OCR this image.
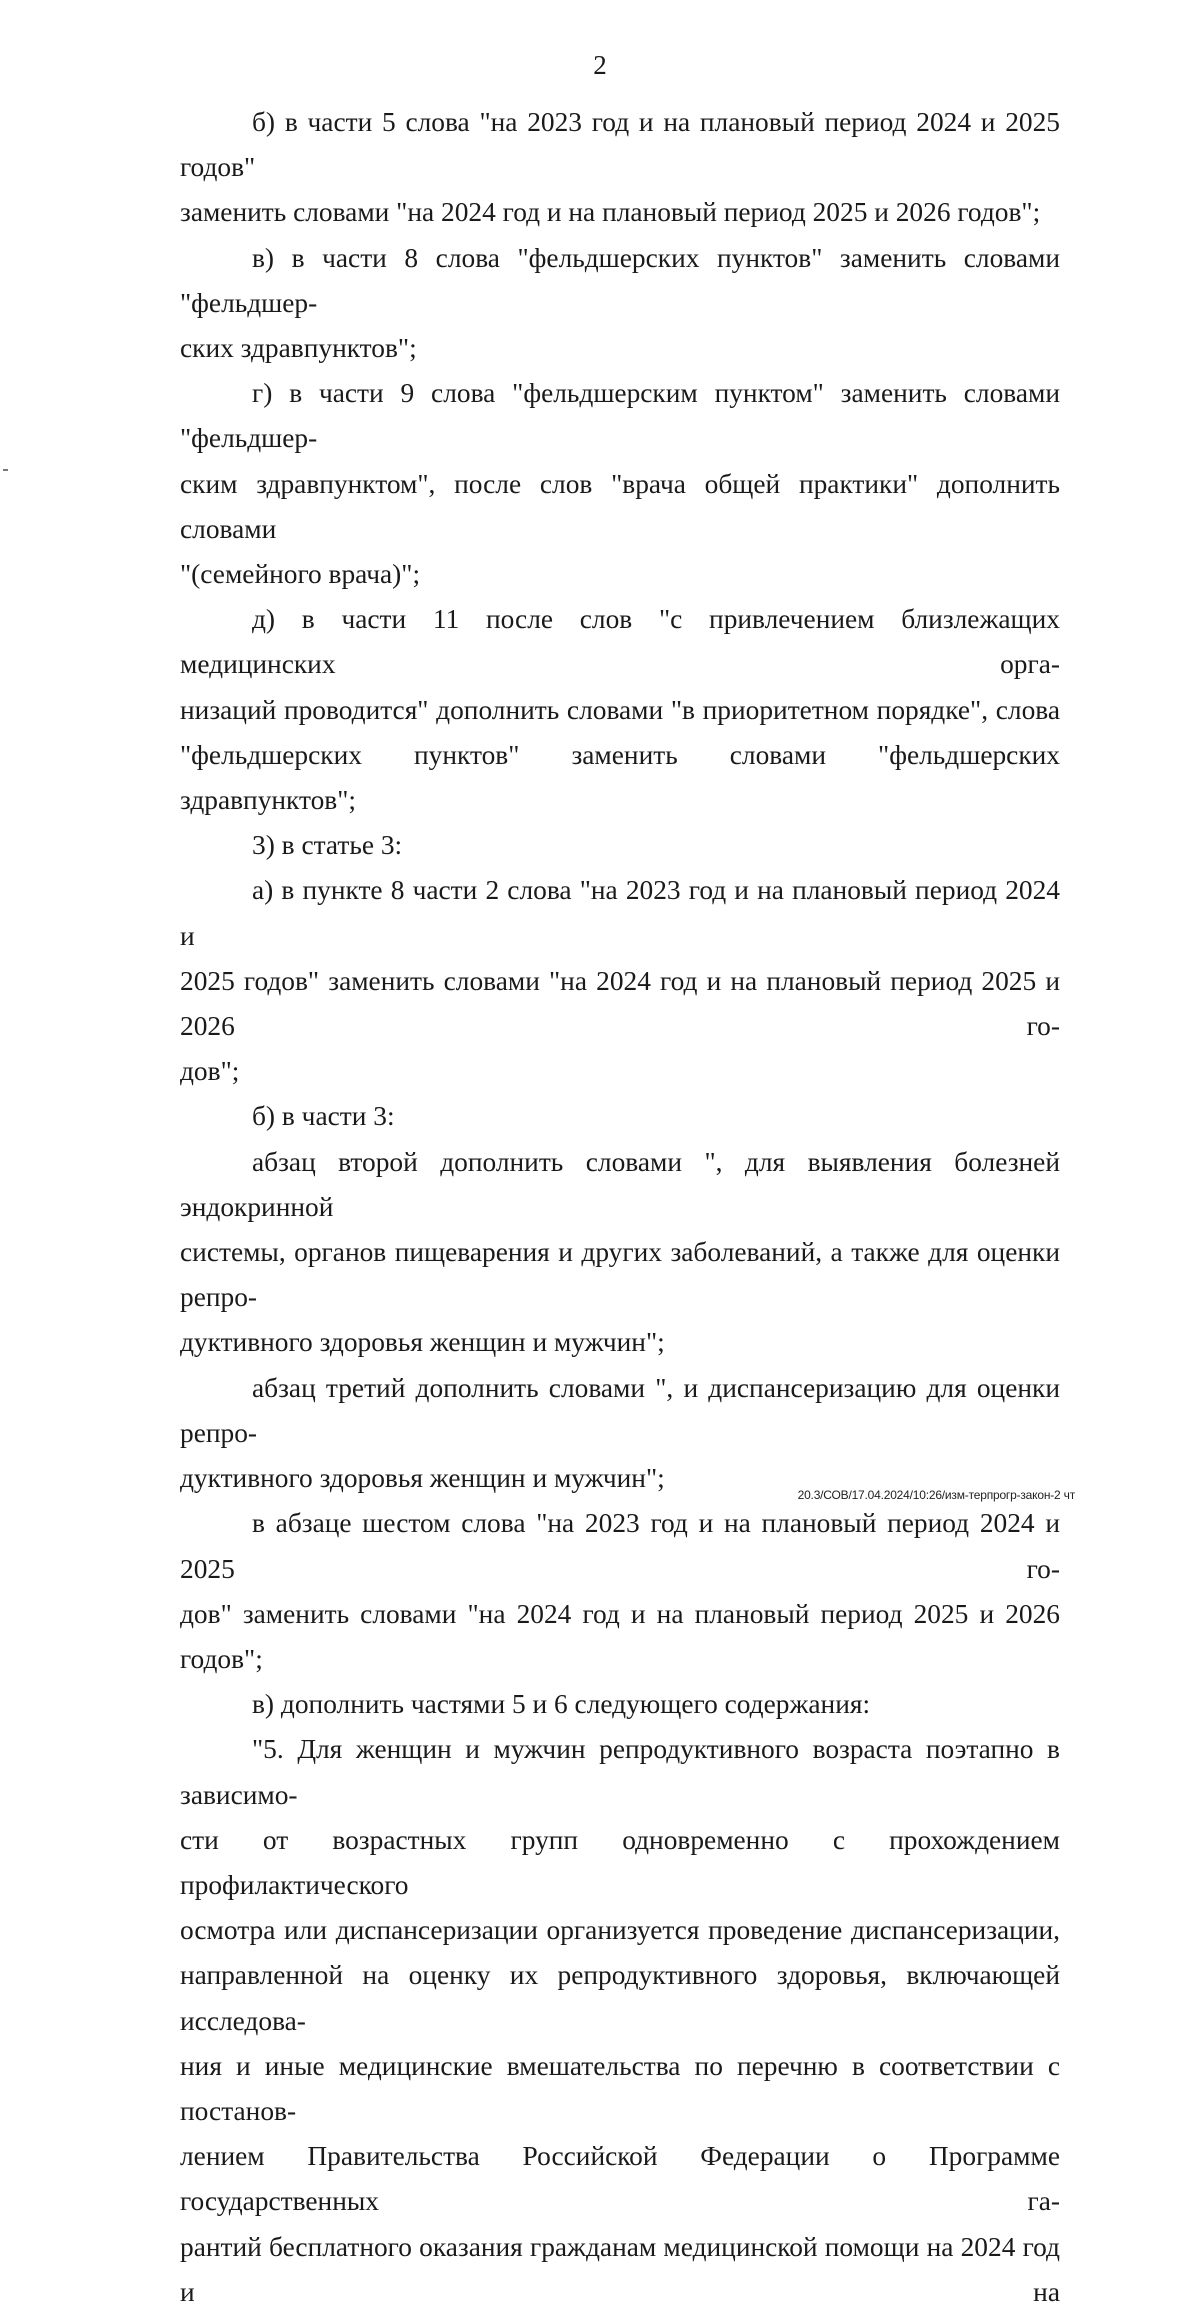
2

б) в части 5 слова "на 2023 год и на плановый период 2024 и 2025 годов"

заменить словами "на 2024 год и на плановый период 2025 и 2026 годов";

в) в части 8 слова "фельдшерских пунктов" заменить словами "фельдшер-

ских здравпунктов";

г) в части 9 слова "фельдшерским пунктом" заменить словами "фельдшер-

ским здравпунктом", после слов "врача общей практики" дополнить словами

"(семейного врача)";

д) в части 11 после слов "с привлечением близлежащих медицинских орга-

низаций проводится" дополнить словами "в приоритетном порядке", слова

"фельдшерских пунктов" заменить словами "фельдшерских здравпунктов";

3) в статье 3:

а) в пункте 8 части 2 слова "на 2023 год и на плановый период 2024 и

2025 годов" заменить словами "на 2024 год и на плановый период 2025 и 2026 го-

дов";

б) в части 3:

абзац второй дополнить словами ", для выявления болезней эндокринной

системы, органов пищеварения и других заболеваний, а также для оценки репро-

дуктивного здоровья женщин и мужчин";

абзац третий дополнить словами ", и диспансеризацию для оценки репро-

дуктивного здоровья женщин и мужчин";

в абзаце шестом слова "на 2023 год и на плановый период 2024 и 2025 го-

дов" заменить словами "на 2024 год и на плановый период 2025 и 2026 годов";

в) дополнить частями 5 и 6 следующего содержания:

"5. Для женщин и мужчин репродуктивного возраста поэтапно в зависимо-

сти от возрастных групп одновременно с прохождением профилактического

осмотра или диспансеризации организуется проведение диспансеризации,

направленной на оценку их репродуктивного здоровья, включающей исследова-

ния и иные медицинские вмешательства по перечню в соответствии с постанов-

лением Правительства Российской Федерации о Программе государственных га-

рантий бесплатного оказания гражданам медицинской помощи на 2024 год и на

20.3/СОВ/17.04.2024/10:26/изм-терпрогр-закон-2 чт
